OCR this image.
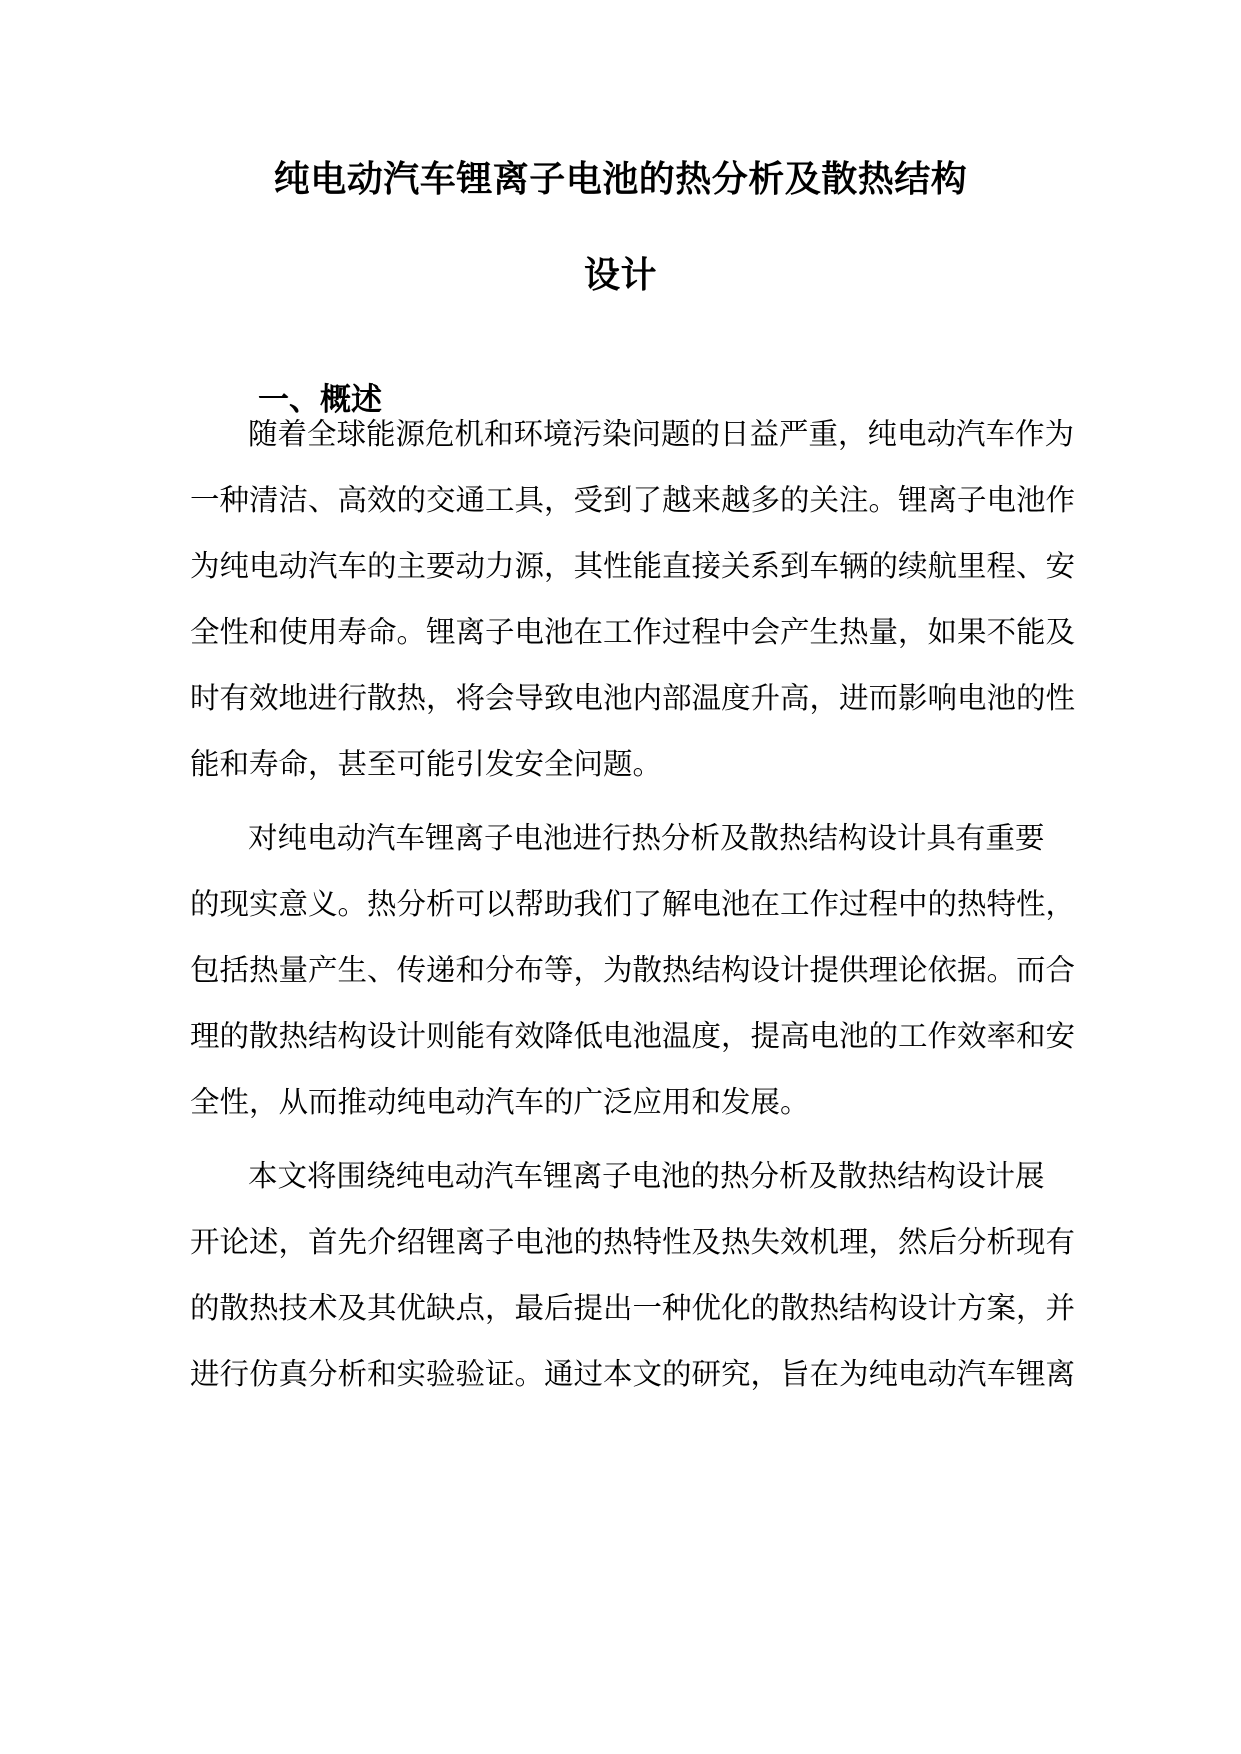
纯电动汽车锂离子电池的热分析及散热结构
设计
一、概述
随着全球能源危机和环境污染问题的日益严重，纯电动汽车作为
一种清洁、高效的交通工具，受到了越来越多的关注。锂离子电池作
为纯电动汽车的主要动力源，其性能直接关系到车辆的续航里程、安
全性和使用寿命。锂离子电池在工作过程中会产生热量，如果不能及
时有效地进行散热，将会导致电池内部温度升高，进而影响电池的性
能和寿命，甚至可能引发安全问题。
对纯电动汽车锂离子电池进行热分析及散热结构设计具有重要
的现实意义。热分析可以帮助我们了解电池在工作过程中的热特性，
包括热量产生、传递和分布等，为散热结构设计提供理论依据。而合
理的散热结构设计则能有效降低电池温度，提高电池的工作效率和安
全性，从而推动纯电动汽车的广泛应用和发展。
本文将围绕纯电动汽车锂离子电池的热分析及散热结构设计展
开论述，首先介绍锂离子电池的热特性及热失效机理，然后分析现有
的散热技术及其优缺点，最后提出一种优化的散热结构设计方案，并
进行仿真分析和实验验证。通过本文的研究，旨在为纯电动汽车锂离
